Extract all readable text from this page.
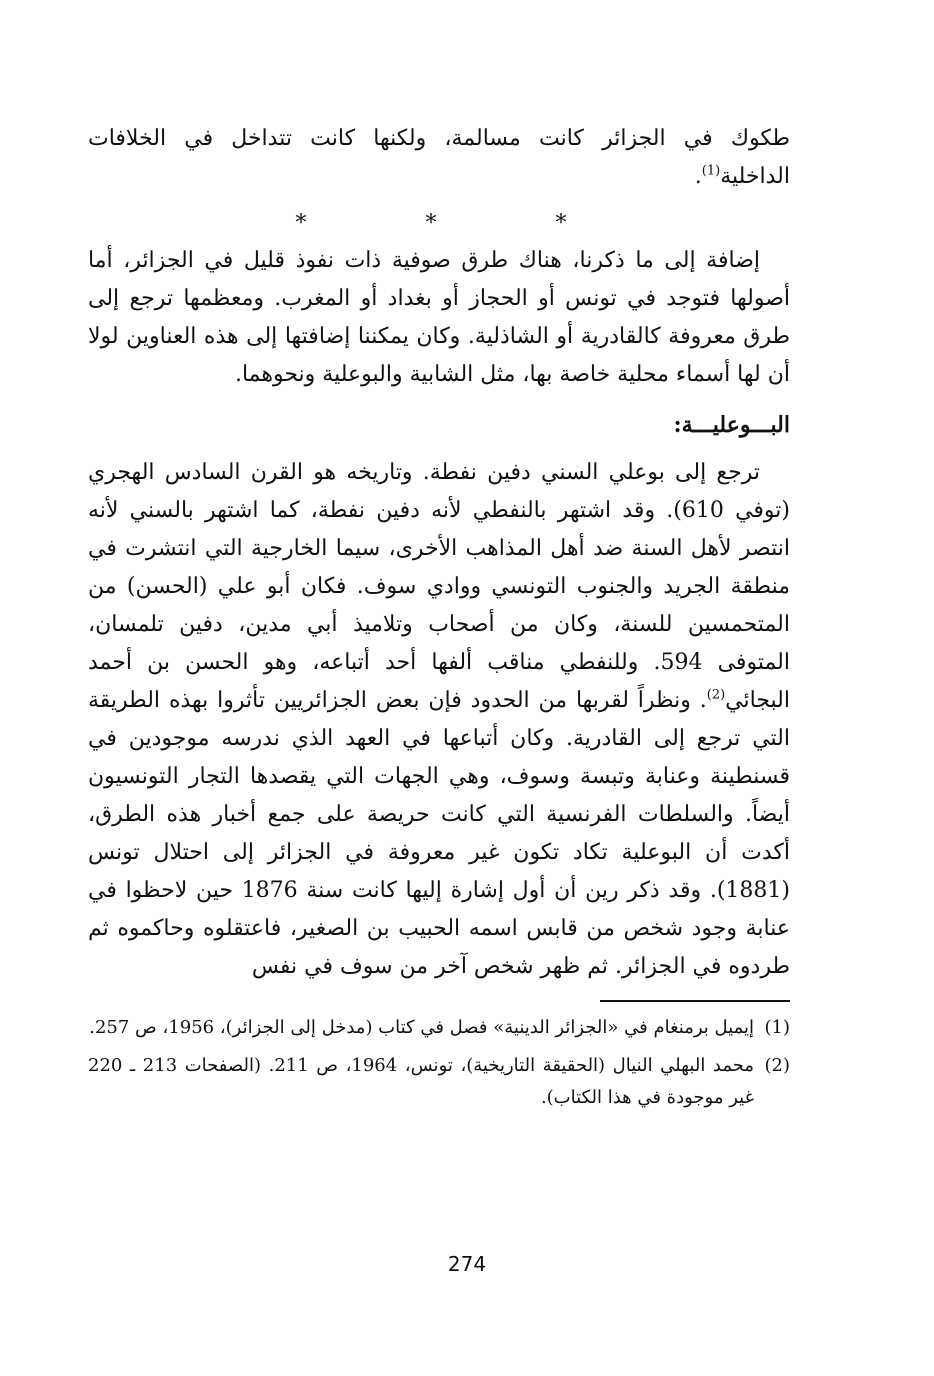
طكوك في الجزائر كانت مسالمة، ولكنها كانت تتداخل في الخلافات الداخلية$^{(1)}$.

* * *

إضافة إلى ما ذكرنا، هناك طرق صوفية ذات نفوذ قليل في الجزائر، أما أصولها فتوجد في تونس أو الحجاز أو بغداد أو المغرب. ومعظمها ترجع إلى طرق معروفة كالقادرية أو الشاذلية. وكان يمكننا إضافتها إلى هذه العناوين لولا أن لها أسماء محلية خاصة بها، مثل الشابية والبوعلية ونحوهما.

البـــوعليـــة:

ترجع إلى بوعلي السني دفين نفطة. وتاريخه هو القرن السادس الهجري (توفي 610). وقد اشتهر بالنفطي لأنه دفين نفطة، كما اشتهر بالسني لأنه انتصر لأهل السنة ضد أهل المذاهب الأخرى، سيما الخارجية التي انتشرت في منطقة الجريد والجنوب التونسي ووادي سوف. فكان أبو علي (الحسن) من المتحمسين للسنة، وكان من أصحاب وتلاميذ أبي مدين، دفين تلمسان، المتوفى 594. وللنفطي مناقب ألفها أحد أتباعه، وهو الحسن بن أحمد البجائي$^{(2)}$. ونظراً لقربها من الحدود فإن بعض الجزائريين تأثروا بهذه الطريقة التي ترجع إلى القادرية. وكان أتباعها في العهد الذي ندرسه موجودين في قسنطينة وعنابة وتبسة وسوف، وهي الجهات التي يقصدها التجار التونسيون أيضاً. والسلطات الفرنسية التي كانت حريصة على جمع أخبار هذه الطرق، أكدت أن البوعلية تكاد تكون غير معروفة في الجزائر إلى احتلال تونس (1881). وقد ذكر رين أن أول إشارة إليها كانت سنة 1876 حين لاحظوا في عنابة وجود شخص من قابس اسمه الحبيب بن الصغير، فاعتقلوه وحاكموه ثم طردوه في الجزائر. ثم ظهر شخص آخر من سوف في نفس

(1)
إيميل برمنغام في «الجزائر الدينية» فصل في كتاب (مدخل إلى الجزائر)، 1956، ص 257.
(2)
محمد البهلي النيال (الحقيقة التاريخية)، تونس، 1964، ص 211. (الصفحات 213 ـ 220 غير موجودة في هذا الكتاب).
274
